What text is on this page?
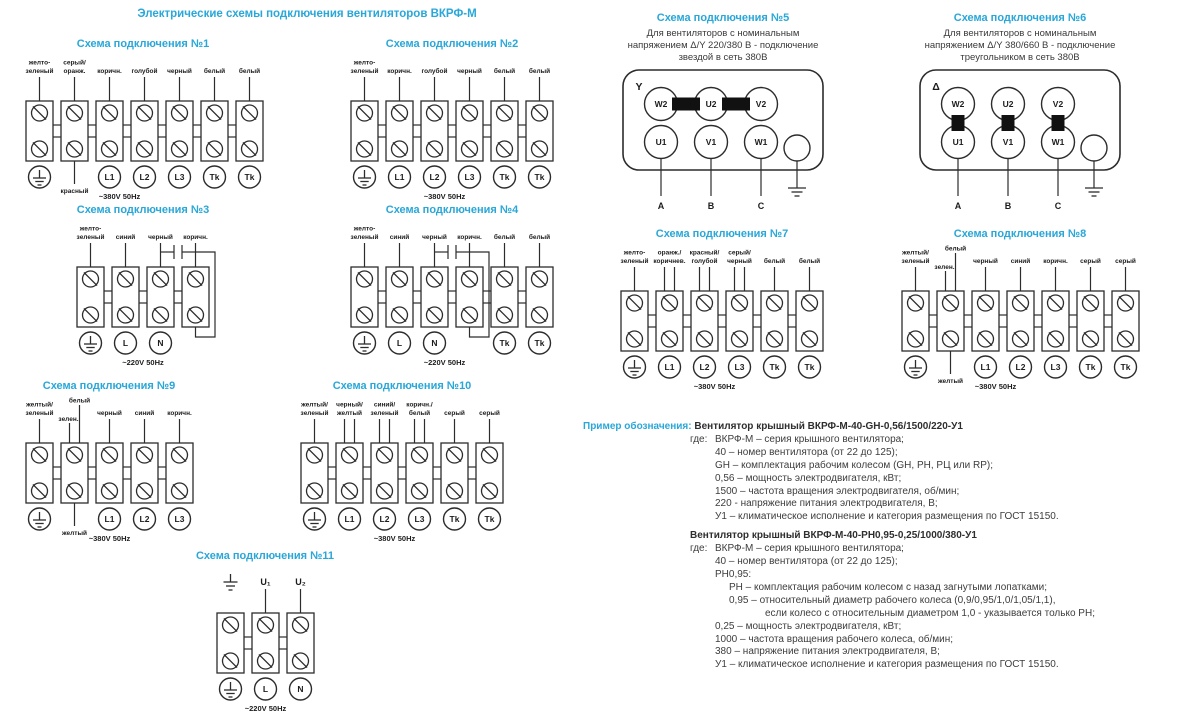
Электрические схемы подключения вентиляторов ВКРФ-М
Схема подключения №1
желто-
зеленый
серый/
оранж.
красный
коричн.
L1
голубой
L2
черный
L3
белый
Tk
белый
Tk
~380V 50Hz
Схема подключения №2
желто-
зеленый коричн.
L1
голубой
L2
черный
L3
белый
Tk
белый
Tk
~380V 50Hz
Схема подключения №3
желто-
зеленый синий
L
черный
N
коричн.
~220V 50Hz
Схема подключения №4
желто-
зеленый синий
L
черный
N
коричн. белый
Tk
белый
Tk
~220V 50Hz
Схема подключения №5
Для вентиляторов с номинальным
напряжением Δ/Y 220/380 В - подключение
звездой в сеть 380В
Y
A	B	C
W2
U1
U2
V1
V2
W1
Схема подключения №6
Для вентиляторов с номинальным
напряжением Δ/Y 380/660 В - подключение
треугольником в сеть 380В
Δ
A	B	C
W2
U1
U2
V1
V2
W1
Схема подключения №7
желто-
зеленый
оранж./
коричнев.
L1
красный/
голубой
L2
серый/
черный
L3
белый
Tk
белый
Tk
~380V 50Hz
Схема подключения №8
желтый/
зеленый
зелен.
белый
желтый
черный
L1
синий
L2
коричн.
L3
серый
Tk
серый
Tk
~380V 50Hz
Схема подключения №9
желтый/
зеленый
зелен.
белый
желтый
черный
L1
синий
L2
коричн.
L3
~380V 50Hz
Схема подключения №10
желтый/
зеленый
черный/
желтый
L1
синий/
зеленый
L2
коричн./
белый
L3
серый
Tk
серый
Tk
~380V 50Hz
Схема подключения №11
U₁
L
U₂
N
~220V 50Hz
Пример обозначения: Вентилятор крышный ВКРФ-М-40-GH-0,56/1500/220-У1
где: ВКРФ-М – серия крышного вентилятора;
40 – номер вентилятора (от 22 до 125);
GH – комплектация рабочим колесом (GH, PH, РЦ или RP);
0,56 – мощность электродвигателя, кВт;
1500 – частота вращения электродвигателя, об/мин;
220 - напряжение питания электродвигателя, В;
У1 – климатическое исполнение и категория размещения по ГОСТ 15150.
Вентилятор крышный ВКРФ-М-40-РН0,95-0,25/1000/380-У1
где: ВКРФ-М – серия крышного вентилятора;
40 – номер вентилятора (от 22 до 125);
РН0,95:
РН – комплектация рабочим колесом с назад загнутыми лопатками;
0,95 – относительный диаметр рабочего колеса (0,9/0,95/1,0/1,05/1,1),
если колесо с относительным диаметром 1,0 - указывается только РН;
0,25 – мощность электродвигателя, кВт;
1000 – частота вращения рабочего колеса, об/мин;
380 – напряжение питания электродвигателя, В;
У1 – климатическое исполнение и категория размещения по ГОСТ 15150.
